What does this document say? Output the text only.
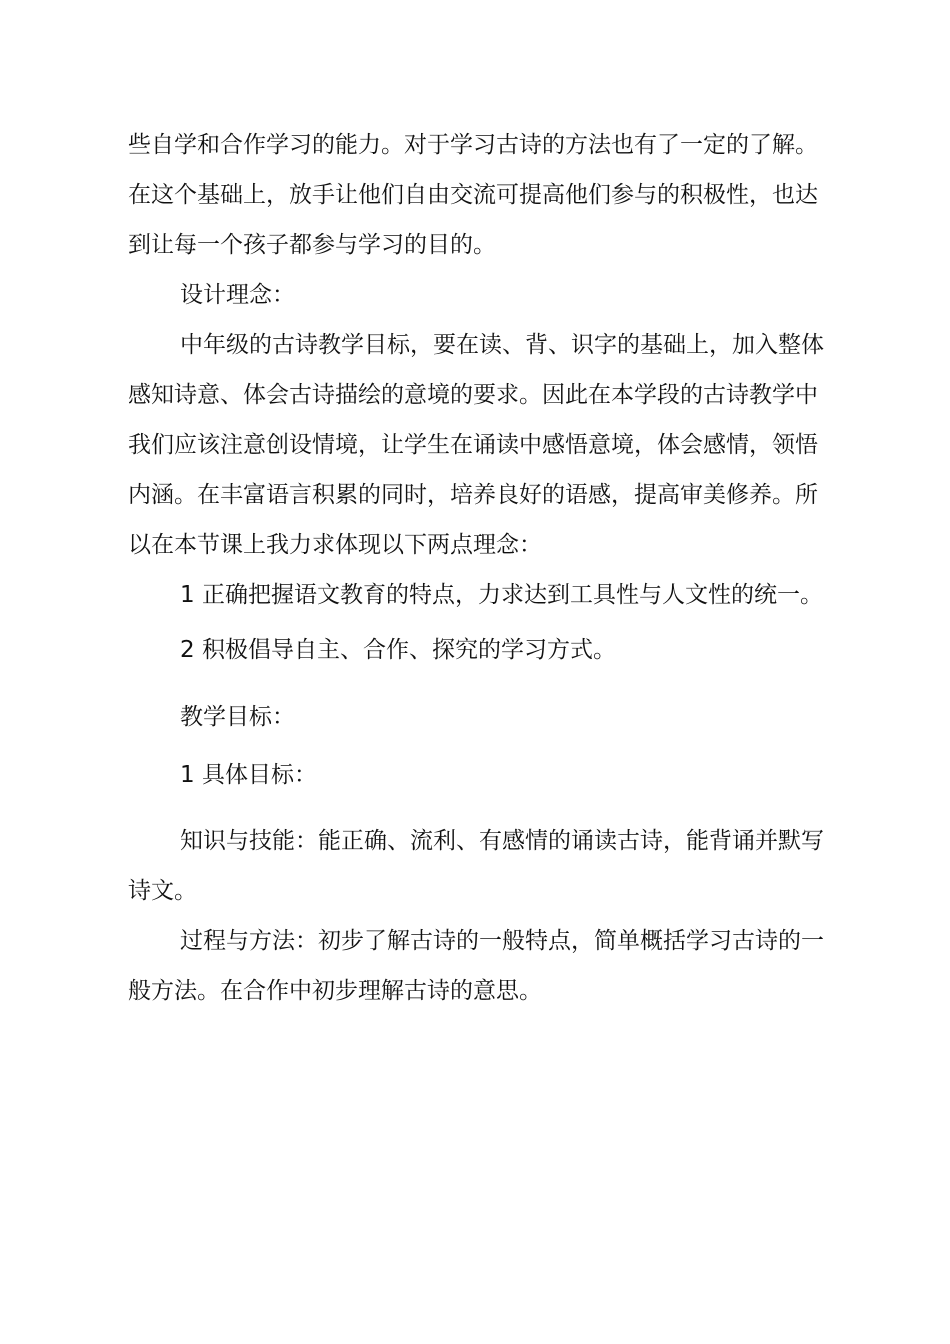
些自学和合作学习的能力。对于学习古诗的方法也有了一定的了解。
在这个基础上，放手让他们自由交流可提高他们参与的积极性，也达
到让每一个孩子都参与学习的目的。
设计理念：
中年级的古诗教学目标，要在读、背、识字的基础上，加入整体
感知诗意、体会古诗描绘的意境的要求。因此在本学段的古诗教学中
我们应该注意创设情境，让学生在诵读中感悟意境，体会感情，领悟
内涵。在丰富语言积累的同时，培养良好的语感，提高审美修养。所
以在本节课上我力求体现以下两点理念：
1 正确把握语文教育的特点，力求达到工具性与人文性的统一。
2 积极倡导自主、合作、探究的学习方式。
教学目标：
1 具体目标：
知识与技能：能正确、流利、有感情的诵读古诗，能背诵并默写
诗文。
过程与方法：初步了解古诗的一般特点，简单概括学习古诗的一
般方法。在合作中初步理解古诗的意思。
